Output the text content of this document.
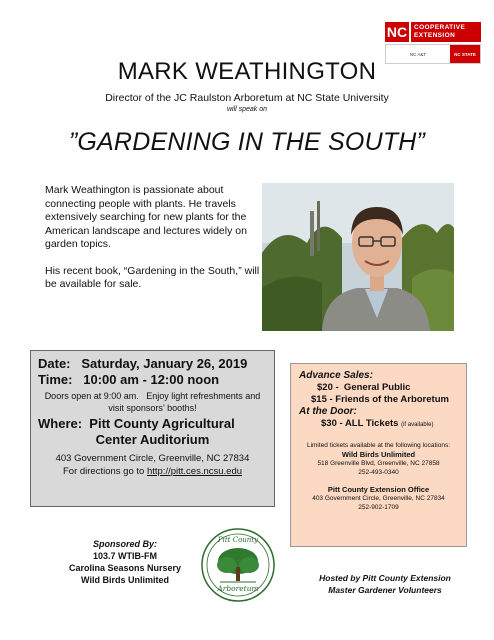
NC COOPERATIVE
EXTENSION
NC A&T	NC STATE
MARK WEATHINGTON
Director of the JC Raulston Arboretum at NC State University
will speak on
”GARDENING IN THE SOUTH”

Mark Weathington is passionate about connecting people with plants. He travels extensively searching for new plants for the American landscape and lectures widely on garden topics.

His recent book, “Gardening in the South,” will be available for sale.

Date:   Saturday, January 26, 2019
Time:   10:00 am - 12:00 noon
Doors open at 9:00 am.   Enjoy light refreshments and visit sponsors’ booths!
Where:  Pitt County Agricultural
Center Auditorium
403 Government Circle, Greenville, NC 27834
For directions go to http://pitt.ces.ncsu.edu
Advance Sales:
$20 -  General Public
$15 - Friends of the Arboretum
At the Door:
$30 - ALL Tickets (if available)
Limited tickets available at the following locations:
Wild Birds Unlimited
518 Greenville Blvd, Greenville, NC 27858
252-493-0340
Pitt County Extension Office
403 Government Circle, Greenville, NC 27834
252-902-1709
Sponsored By:
103.7 WTIB-FM
Carolina Seasons Nursery
Wild Birds Unlimited
Pitt County
Arboretum
Hosted by Pitt County Extension
Master Gardener Volunteers
